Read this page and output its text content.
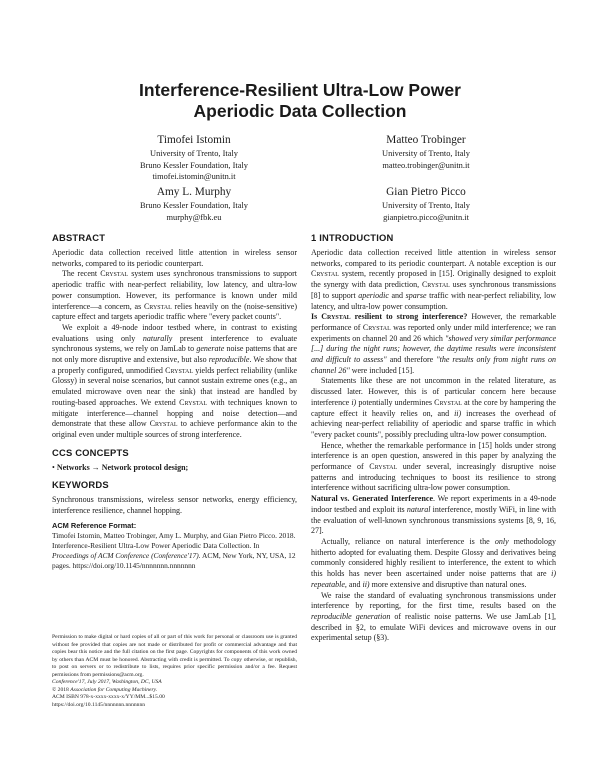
Interference-Resilient Ultra-Low Power
Aperiodic Data Collection
Timofei Istomin
University of Trento, Italy
Bruno Kessler Foundation, Italy
timofei.istomin@unitn.it
Matteo Trobinger
University of Trento, Italy
matteo.trobinger@unitn.it
Amy L. Murphy
Bruno Kessler Foundation, Italy
murphy@fbk.eu
Gian Pietro Picco
University of Trento, Italy
gianpietro.picco@unitn.it
ABSTRACT

Aperiodic data collection received little attention in wireless sensor networks, compared to its periodic counterpart.

The recent Crystal system uses synchronous transmissions to support aperiodic traffic with near-perfect reliability, low latency, and ultra-low power consumption. However, its performance is known under mild interference—a concern, as Crystal relies heavily on the (noise-sensitive) capture effect and targets aperiodic traffic where "every packet counts".

We exploit a 49-node indoor testbed where, in contrast to existing evaluations using only naturally present interference to evaluate synchronous systems, we rely on JamLab to generate noise patterns that are not only more disruptive and extensive, but also reproducible. We show that a properly configured, unmodified Crystal yields perfect reliability (unlike Glossy) in several noise scenarios, but cannot sustain extreme ones (e.g., an emulated microwave oven near the sink) that instead are handled by routing-based approaches. We extend Crystal with techniques known to mitigate interference—channel hopping and noise detection—and demonstrate that these allow Crystal to achieve performance akin to the original even under multiple sources of strong interference.

CCS CONCEPTS

• Networks → Network protocol design;

KEYWORDS

Synchronous transmissions, wireless sensor networks, energy efficiency, interference resilience, channel hopping.

ACM Reference Format:

Timofei Istomin, Matteo Trobinger, Amy L. Murphy, and Gian Pietro Picco. 2018. Interference-Resilient Ultra-Low Power Aperiodic Data Collection. In Proceedings of ACM Conference (Conference'17). ACM, New York, NY, USA, 12 pages. https://doi.org/10.1145/nnnnnnn.nnnnnnn

Permission to make digital or hard copies of all or part of this work for personal or classroom use is granted without fee provided that copies are not made or distributed for profit or commercial advantage and that copies bear this notice and the full citation on the first page. Copyrights for components of this work owned by others than ACM must be honored. Abstracting with credit is permitted. To copy otherwise, or republish, to post on servers or to redistribute to lists, requires prior specific permission and/or a fee. Request permissions from permissions@acm.org.

Conference'17, July 2017, Washington, DC, USA
© 2018 Association for Computing Machinery.
ACM ISBN 978-x-xxxx-xxxx-x/YY/MM...$15.00
https://doi.org/10.1145/nnnnnnn.nnnnnnn
1 INTRODUCTION

Aperiodic data collection received little attention in wireless sensor networks, compared to its periodic counterpart. A notable exception is our Crystal system, recently proposed in [15]. Originally designed to exploit the synergy with data prediction, Crystal uses synchronous transmissions [8] to support aperiodic and sparse traffic with near-perfect reliability, low latency, and ultra-low power consumption.

Is Crystal resilient to strong interference? However, the remarkable performance of Crystal was reported only under mild interference; we ran experiments on channel 20 and 26 which "showed very similar performance [...] during the night runs; however, the daytime results were inconsistent and difficult to assess" and therefore "the results only from night runs on channel 26" were included [15].

Statements like these are not uncommon in the related literature, as discussed later. However, this is of particular concern here because interference i) potentially undermines Crystal at the core by hampering the capture effect it heavily relies on, and ii) increases the overhead of achieving near-perfect reliability of aperiodic and sparse traffic in which "every packet counts", possibly precluding ultra-low power consumption.

Hence, whether the remarkable performance in [15] holds under strong interference is an open question, answered in this paper by analyzing the performance of Crystal under several, increasingly disruptive noise patterns and introducing techniques to boost its resilience to strong interference without sacrificing ultra-low power consumption.

Natural vs. Generated Interference. We report experiments in a 49-node indoor testbed and exploit its natural interference, mostly WiFi, in line with the evaluation of well-known synchronous transmissions systems [8, 9, 16, 27].

Actually, reliance on natural interference is the only methodology hitherto adopted for evaluating them. Despite Glossy and derivatives being commonly considered highly resilient to interference, the extent to which this holds has never been ascertained under noise patterns that are i) repeatable, and ii) more extensive and disruptive than natural ones.

We raise the standard of evaluating synchronous transmissions under interference by reporting, for the first time, results based on the reproducible generation of realistic noise patterns. We use JamLab [1], described in §2, to emulate WiFi devices and microwave ovens in our experimental setup (§3).
